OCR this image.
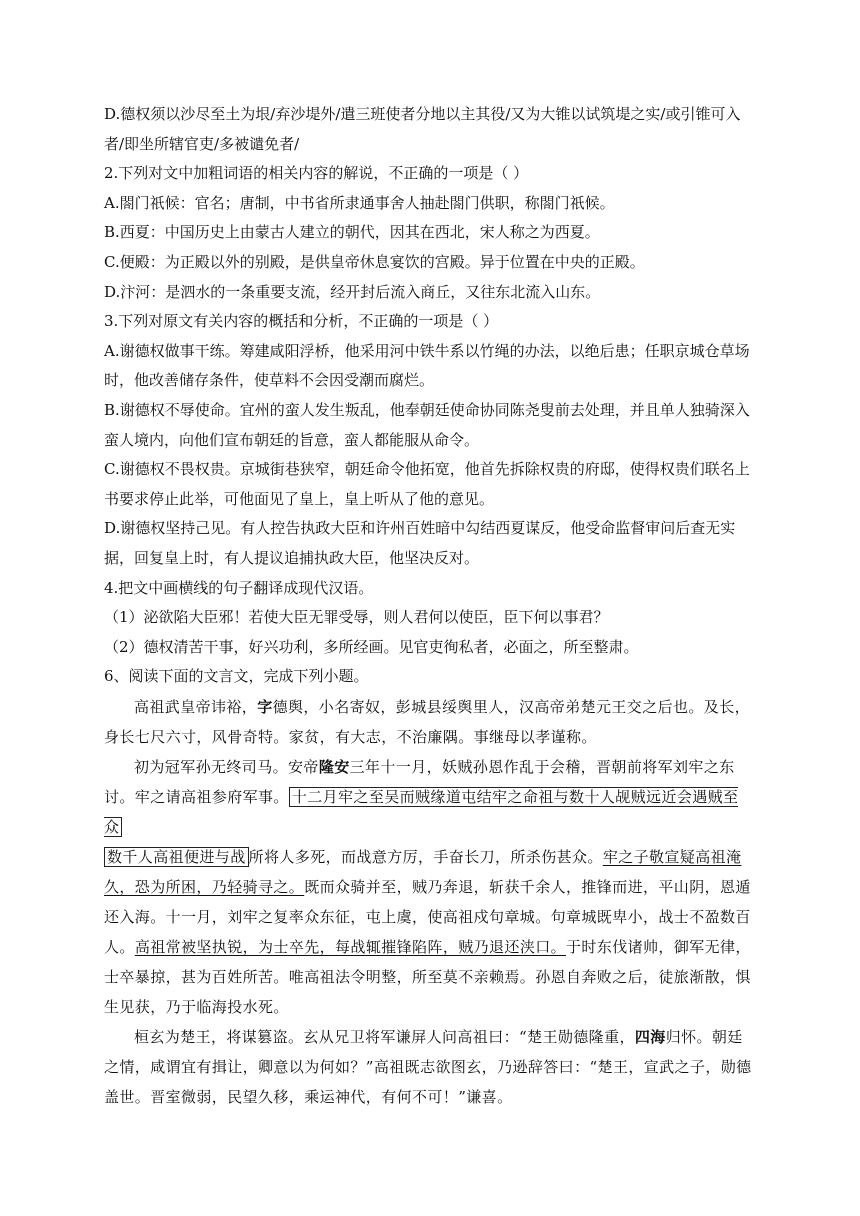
D.德权须以沙尽至土为垠/弃沙堤外/遣三班使者分地以主其役/又为大锥以试筑堤之实/或引锥可入
者/即坐所辖官吏/多被谴免者/
2.下列对文中加粗词语的相关内容的解说，不正确的一项是（ ）
A.閤门祇候：官名；唐制，中书省所隶通事舍人抽赴閤门供职，称閤门祇候。
B.西夏：中国历史上由蒙古人建立的朝代，因其在西北，宋人称之为西夏。
C.便殿：为正殿以外的别殿，是供皇帝休息宴饮的宫殿。异于位置在中央的正殿。
D.汴河：是泗水的一条重要支流，经开封后流入商丘，又往东北流入山东。
3.下列对原文有关内容的概括和分析，不正确的一项是（ ）
A.谢德权做事干练。筹建咸阳浮桥，他采用河中铁牛系以竹绳的办法，以绝后患；任职京城仓草场
时，他改善储存条件，使草料不会因受潮而腐烂。
B.谢德权不辱使命。宜州的蛮人发生叛乱，他奉朝廷使命协同陈尧叟前去处理，并且单人独骑深入
蛮人境内，向他们宣布朝廷的旨意，蛮人都能服从命令。
C.谢德权不畏权贵。京城街巷狭窄，朝廷命令他拓宽，他首先拆除权贵的府邸，使得权贵们联名上
书要求停止此举，可他面见了皇上，皇上听从了他的意见。
D.谢德权坚持己见。有人控告执政大臣和许州百姓暗中勾结西夏谋反，他受命监督审问后查无实
据，回复皇上时，有人提议追捕执政大臣，他坚决反对。
4.把文中画横线的句子翻译成现代汉语。
（1）泌欲陷大臣邪！若使大臣无罪受辱，则人君何以使臣，臣下何以事君？
（2）德权清苦干事，好兴功利，多所经画。见官吏徇私者，必面之，所至整肃。
6、阅读下面的文言文，完成下列小题。

高祖武皇帝讳裕，字德舆，小名寄奴，彭城县绥舆里人，汉高帝弟楚元王交之后也。及长，身长七尺六寸，风骨奇特。家贫，有大志，不治廉隅。事继母以孝谨称。

初为冠军孙无终司马。安帝隆安三年十一月，妖贼孙恩作乱于会稽，晋朝前将军刘牢之东讨。牢之请高祖参府军事。 十二月牢之至吴而贼缘道屯结牢之命祖与数十人觇贼远近会遇贼至众
数千人高祖便进与战 所将人多死，而战意方厉，手奋长刀，所杀伤甚众。牢之子敬宣疑高祖淹久，恐为所困，乃轻骑寻之。既而众骑并至，贼乃奔退，斩获千余人，推锋而进，平山阴，恩遁还入海。十一月，刘牢之复率众东征，屯上虞，使高祖戍句章城。句章城既卑小，战士不盈数百人。高祖常被坚执锐，为士卒先，每战辄摧锋陷阵，贼乃退还浃口。于时东伐诸帅，御军无律，士卒暴掠，甚为百姓所苦。唯高祖法令明整，所至莫不亲赖焉。孙恩自奔败之后，徒旅渐散，惧生见获，乃于临海投水死。

桓玄为楚王，将谋篡盗。玄从兄卫将军谦屏人问高祖曰：“楚王勋德隆重，四海归怀。朝廷之情，咸谓宜有揖让，卿意以为何如？”高祖既志欲图玄，乃逊辞答曰：“楚王，宣武之子，勋德盖世。晋室微弱，民望久移，乘运神代，有何不可！”谦喜。
